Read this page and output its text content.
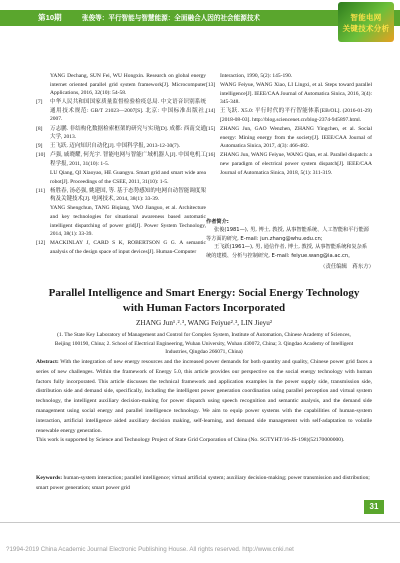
第10期	张俊等：平行智能与智慧能源：全面融合人因的社会能源技术	智能电网
关键技术分析
YANG Dechang, SUN Fei, WU Hongxin. Research on global energy internet oriented parallel grid system framework[J]. Microcomputer Applications, 2016, 32(10): 54-58.
[7]	中华人民共和国国家质量监督检验检疫总局. 中文语音识别系统通用技术规范: GB/T 21023—2007[S]. 北京: 中国标准出版社, 2007.
[8]	万志鹏. 非结构化数据检索框架的研究与实现[D]. 成都: 西南交通大学, 2013.
[9]	王飞跃. 迈向知识自动化[J]. 中国科学报, 2013-12-30(7).
[10] 卢强, 戚晓耀, 何光宇. 智能电网与智能广域机器人[J]. 中国电机工程学报, 2011, 31(10): 1-5.
LU Qiang, QI Xiaoyao, HE Guangyu. Smart grid and smart wide area robot[J]. Proceedings of the CSEE, 2011, 31(10): 1-5.
[11] 杨胜春, 汤必强, 姚建国, 等. 基于态势感知的电网自动智能调度架构及关键技术[J]. 电网技术, 2014, 38(1): 33-39.
YANG Shengchun, TANG Biqiang, YAO Jianguo, et al. Architecture and key technologies for situational awareness based automatic intelligent dispatching of power grid[J]. Power System Technology, 2014, 38(1): 33-39.
[12] MACKINLAY J, CARD S K, ROBERTSON G G. A semantic analysis of the design space of input devices[J]. Human-Computer
Interaction, 1990, 5(2): 145-190.
[13] WANG Feiyue, WANG Xiao, LI Lingxi, et al. Steps toward parallel intelligence[J]. IEEE/CAA Journal of Automatica Sinica, 2016, 3(4): 345-348.
[14] 王飞跃. X5.0: 平行时代的平行智能体系[EB/OL]. (2016-01-29)[2018-08-03]. http://blog.sciencenet.cn/blog-2374-945897.html.
[15] ZHANG Jun, GAO Wenzhen, ZHANG Yingchen, et al. Social energy: Mining energy from the society[J]. IEEE/CAA Journal of Automatica Sinica, 2017, 4(3): 466-482.
[16] ZHANG Jun, WANG Feiyue, WANG Qian, et al. Parallel dispatch: a new paradigm of electrical power system dispatch[J]. IEEE/CAA Journal of Automatica Sinica, 2018, 5(1): 311-319.
作者简介:
张俊(1981—), 男, 博士, 教授, 从事智能系统、人工智能和平行能源等方面的研究, E-mail: jun.zhang@whu.edu.cn;
王飞跃(1961—), 男, 通信作者, 博士, 教授, 从事智能系统和复杂系统的建模、分析与控制研究, E-mail: feiyue.wang@ia.ac.cn。
（责任编辑　蒋东方）
Parallel Intelligence and Smart Energy: Social Energy Technology
with Human Factors Incorporated
ZHANG Jun¹˒²˒³, WANG Feiyue²˒³, LIN Jieyu²
(1. The State Key Laboratory of Management and Control for Complex System, Institute of Automation, Chinese Academy of Sciences, Beijing 100190, China; 2. School of Electrical Engineering, Wuhan University, Wuhan 430072, China; 3. Qingdao Academy of Intelligent Industries, Qingdao 266071, China)
Abstract: With the integration of new energy resources and the increased power demands for both quantity and quality, Chinese power grid faces a series of new challenges. Within the framework of Energy 5.0, this article provides our perspective on the social energy technology with human factors fully incorporated. This article discusses the technical framework and application examples in the power supply side, transmission side, distribution side and demand side, specifically, including the intelligent power generation coordination using parallel perception and virtual system technology, the intelligent auxiliary decision-making for power dispatch using speech recognition and semantic analysis, and the demand side management using social energy and parallel intelligence technology. We aim to equip power systems with the capabilities of human-system interaction, artificial intelligence aided auxiliary decision making, self-learning, and demand side management with self-adaptation to volatile renewable energy generation.
This work is supported by Science and Technology Project of State Grid Corporation of China (No. SGTYHT/16-JS-198)(52170000000).
Keywords: human-system interaction; parallel intelligence; virtual artificial system; auxiliary decision-making; power transmission and distribution; smart power generation; smart power grid
31
?1994-2019 China Academic Journal Electronic Publishing House. All rights reserved. http://www.cnki.net
